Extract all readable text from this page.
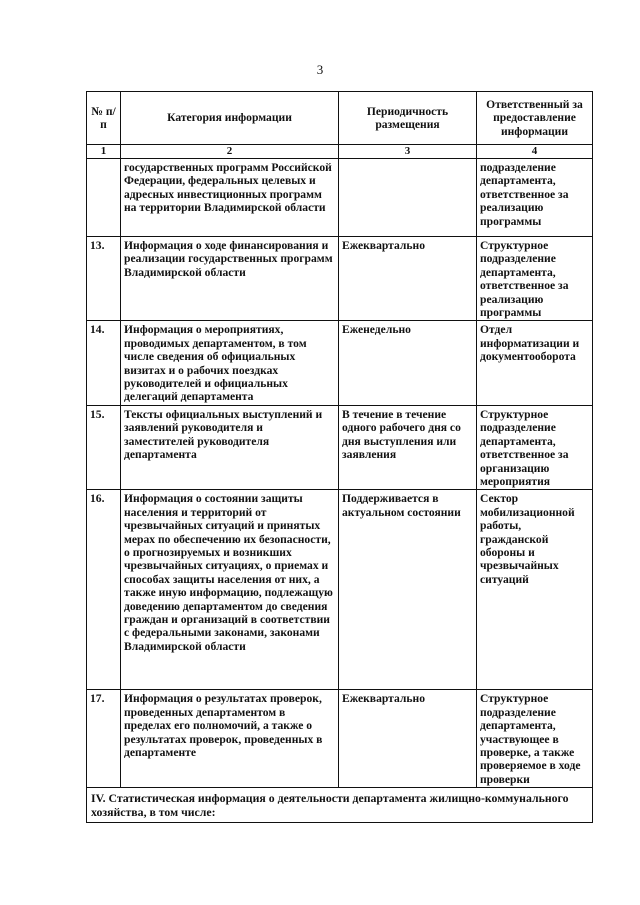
3
№ п/п	Категория информации	Периодичность размещения	Ответственный за предоставление информации
1	2	3	4
	государственных программ Российской Федерации, федеральных целевых и адресных инвестиционных программ на территории Владимирской области		подразделение департамента, ответственное за реализацию программы
13.	Информация о ходе финансирования и реализации государственных программ Владимирской области	Ежеквартально	Структурное подразделение департамента, ответственное за реализацию программы
14.	Информация о мероприятиях, проводимых департаментом, в том числе сведения об официальных визитах и о рабочих поездках руководителей и официальных делегаций департамента	Еженедельно	Отдел информатизации и документооборота
15.	Тексты официальных выступлений и заявлений руководителя и заместителей руководителя департамента	В течение в течение одного рабочего дня со дня выступления или заявления	Структурное подразделение департамента, ответственное за организацию мероприятия
16.	Информация о состоянии защиты населения и территорий от чрезвычайных ситуаций и принятых мерах по обеспечению их безопасности, о прогнозируемых и возникших чрезвычайных ситуациях, о приемах и способах защиты населения от них, а также иную информацию, подлежащую доведению департаментом до сведения граждан и организаций в соответствии с федеральными законами, законами Владимирской области	Поддерживается в актуальном состоянии	Сектор мобилизационной работы, гражданской обороны и чрезвычайных ситуаций
17.	Информация о результатах проверок, проведенных департаментом в пределах его полномочий, а также о результатах проверок, проведенных в департаменте	Ежеквартально	Структурное подразделение департамента, участвующее в проверке, а также проверяемое в ходе проверки
IV. Статистическая информация о деятельности департамента жилищно-коммунального хозяйства, в том числе:			
